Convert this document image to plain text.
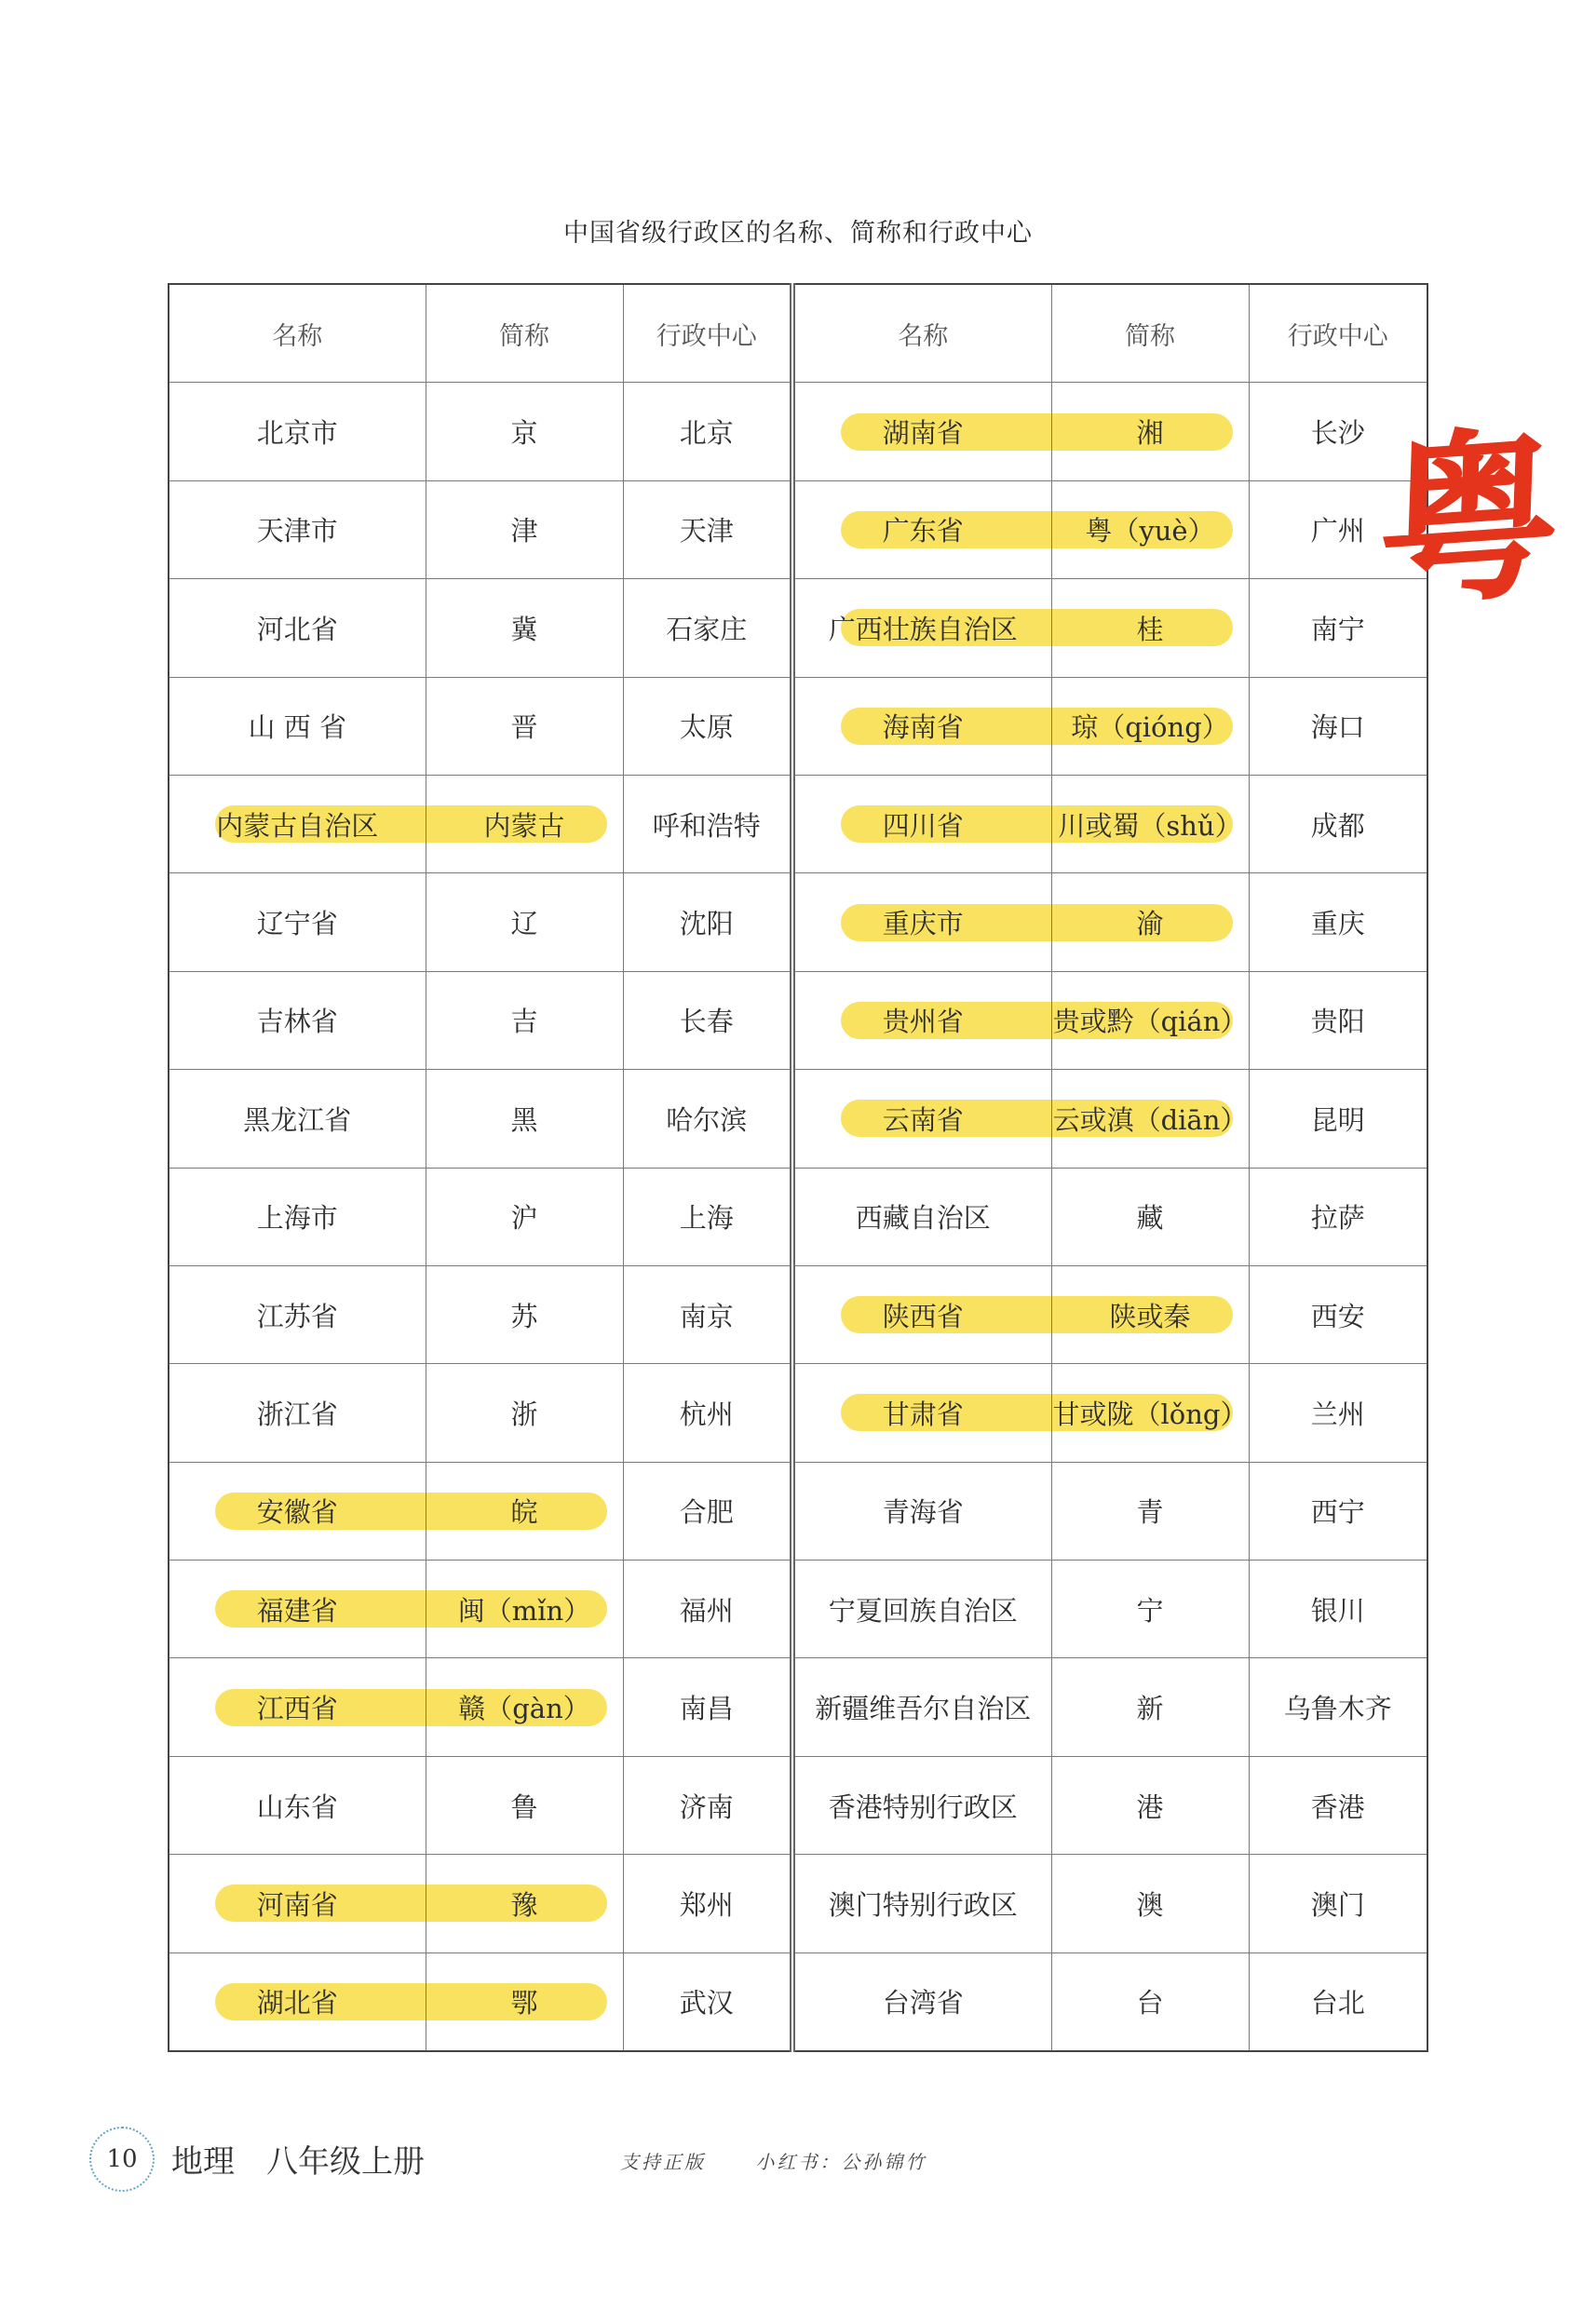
中国省级行政区的名称、简称和行政中心
名称	简称	行政中心	名称	简称	行政中心
北京市	京	北京	湖南省	湘	长沙
天津市	津	天津	广东省	粤（yuè）	广州
河北省	冀	石家庄	广西壮族自治区	桂	南宁
山 西 省	晋	太原	海南省	琼（qióng）	海口

内蒙古自治区	内蒙古	呼和浩特	四川省	川或蜀（shǔ）	成都
辽宁省	辽	沈阳	重庆市	渝	重庆
吉林省	吉	长春	贵州省	贵或黔（qián）	贵阳
黑龙江省	黑	哈尔滨	云南省	云或滇（diān）	昆明
上海市	沪	上海	西藏自治区	藏	拉萨
江苏省	苏	南京	陕西省	陕或秦	西安
浙江省	浙	杭州	甘肃省	甘或陇（lǒng）	兰州

安徽省	皖	合肥	青海省	青	西宁

福建省	闽（mǐn）	福州	宁夏回族自治区	宁	银川

江西省	赣（gàn）	南昌	新疆维吾尔自治区	新	乌鲁木齐
山东省	鲁	济南	香港特别行政区	港	香港

河南省	豫	郑州	澳门特别行政区	澳	澳门

湖北省	鄂	武汉	台湾省	台	台北
粤
10	地理　八年级上册	支持正版	小红书：公孙锦竹
